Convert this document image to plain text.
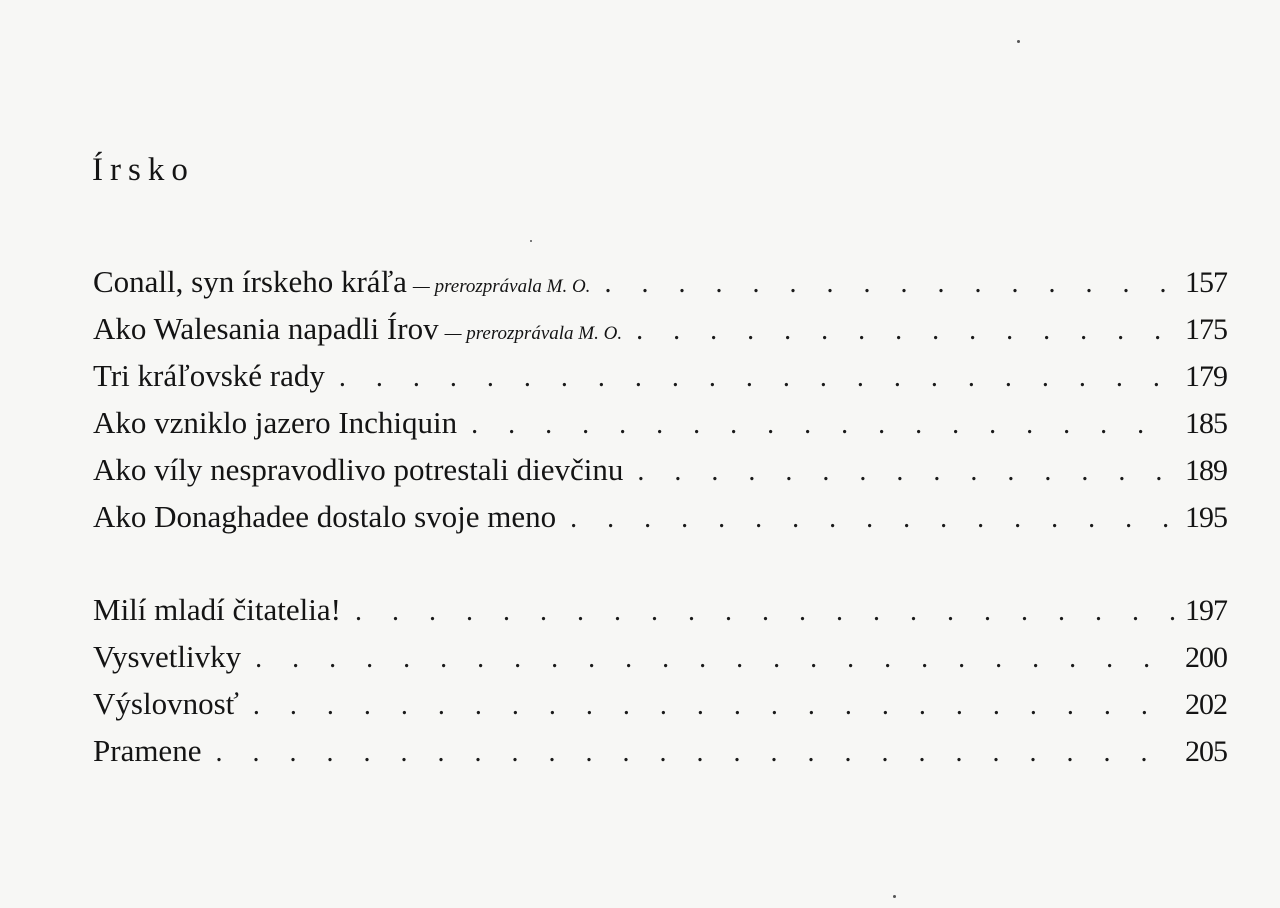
Írsko
Conall, syn írskeho kráľa — prerozprávala M. O. . . .	157
Ako Walesania napadli Írov — prerozprávala M. O. . . .	175
Tri kráľovské rady . . .	179
Ako vzniklo jazero Inchiquin . . .	185
Ako víly nespravodlivo potrestali dievčinu . . .	189
Ako Donaghadee dostalo svoje meno . . .	195
Milí mladí čitatelia! . . .	197
Vysvetlivky . . .	200
Výslovnosť . . .	202
Pramene . . .	205
